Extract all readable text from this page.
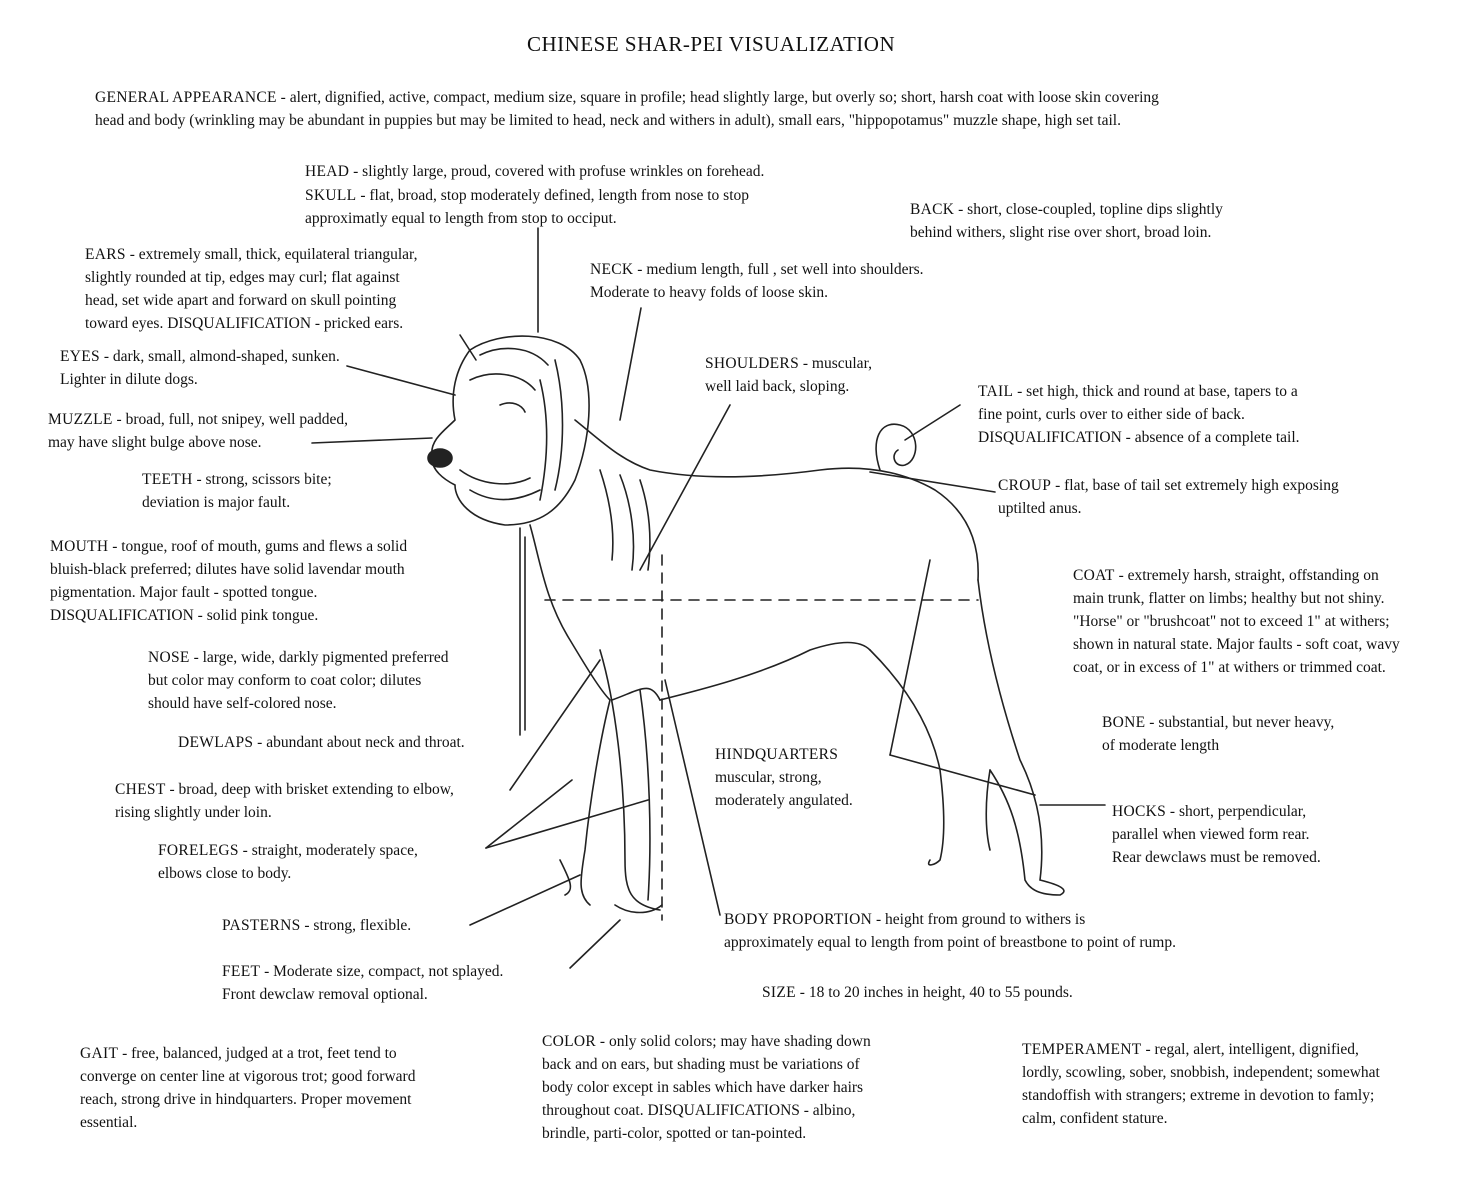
CHINESE SHAR-PEI VISUALIZATION
GENERAL APPEARANCE - alert, dignified, active, compact, medium size, square in profile; head slightly large, but overly so; short, harsh coat with loose skin covering
head and body (wrinkling may be abundant in puppies but may be limited to head, neck and withers in adult), small ears, "hippopotamus" muzzle shape, high set tail.
HEAD - slightly large, proud, covered with profuse wrinkles on forehead.
SKULL - flat, broad, stop moderately defined, length from nose to stop
approximatly equal to length from stop to occiput.
BACK - short, close-coupled, topline dips slightly
behind withers, slight rise over short, broad loin.
EARS - extremely small, thick, equilateral triangular,
slightly rounded at tip, edges may curl; flat against
head, set wide apart and forward on skull pointing
toward eyes. DISQUALIFICATION - pricked ears.
NECK - medium length, full , set well into shoulders.
Moderate to heavy folds of loose skin.
EYES - dark, small, almond-shaped, sunken.
Lighter in dilute dogs.
SHOULDERS - muscular,
well laid back, sloping.
MUZZLE - broad, full, not snipey, well padded,
may have slight bulge above nose.
TAIL - set high, thick and round at base, tapers to a
fine point, curls over to either side of back.
DISQUALIFICATION - absence of a complete tail.
TEETH - strong, scissors bite;
deviation is major fault.
CROUP - flat, base of tail set extremely high exposing
uptilted anus.
MOUTH - tongue, roof of mouth, gums and flews a solid
bluish-black preferred; dilutes have solid lavendar mouth
pigmentation. Major fault - spotted tongue.
DISQUALIFICATION - solid pink tongue.
COAT - extremely harsh, straight, offstanding on
main trunk, flatter on limbs; healthy but not shiny.
"Horse" or "brushcoat" not to exceed 1" at withers;
shown in natural state. Major faults - soft coat, wavy
coat, or in excess of 1" at withers or trimmed coat.
NOSE - large, wide, darkly pigmented preferred
but color may conform to coat color; dilutes
should have self-colored nose.
BONE - substantial, but never heavy,
of moderate length
DEWLAPS - abundant about neck and throat.
HINDQUARTERS
muscular, strong,
moderately angulated.
CHEST - broad, deep with brisket extending to elbow,
rising slightly under loin.	HOCKS - short, perpendicular,
parallel when viewed form rear.
Rear dewclaws must be removed.
FORELEGS - straight, moderately space,
elbows close to body.
PASTERNS - strong, flexible.	BODY PROPORTION - height from ground to withers is
approximately equal to length from point of breastbone to point of rump.
FEET - Moderate size, compact, not splayed.
Front dewclaw removal optional.	SIZE - 18 to 20 inches in height, 40 to 55 pounds.
GAIT - free, balanced, judged at a trot, feet tend to
converge on center line at vigorous trot; good forward
reach, strong drive in hindquarters. Proper movement
essential.
COLOR - only solid colors; may have shading down
back and on ears, but shading must be variations of
body color except in sables which have darker hairs
throughout coat. DISQUALIFICATIONS - albino,
brindle, parti-color, spotted or tan-pointed.
TEMPERAMENT - regal, alert, intelligent, dignified,
lordly, scowling, sober, snobbish, independent; somewhat
standoffish with strangers; extreme in devotion to famly;
calm, confident stature.
